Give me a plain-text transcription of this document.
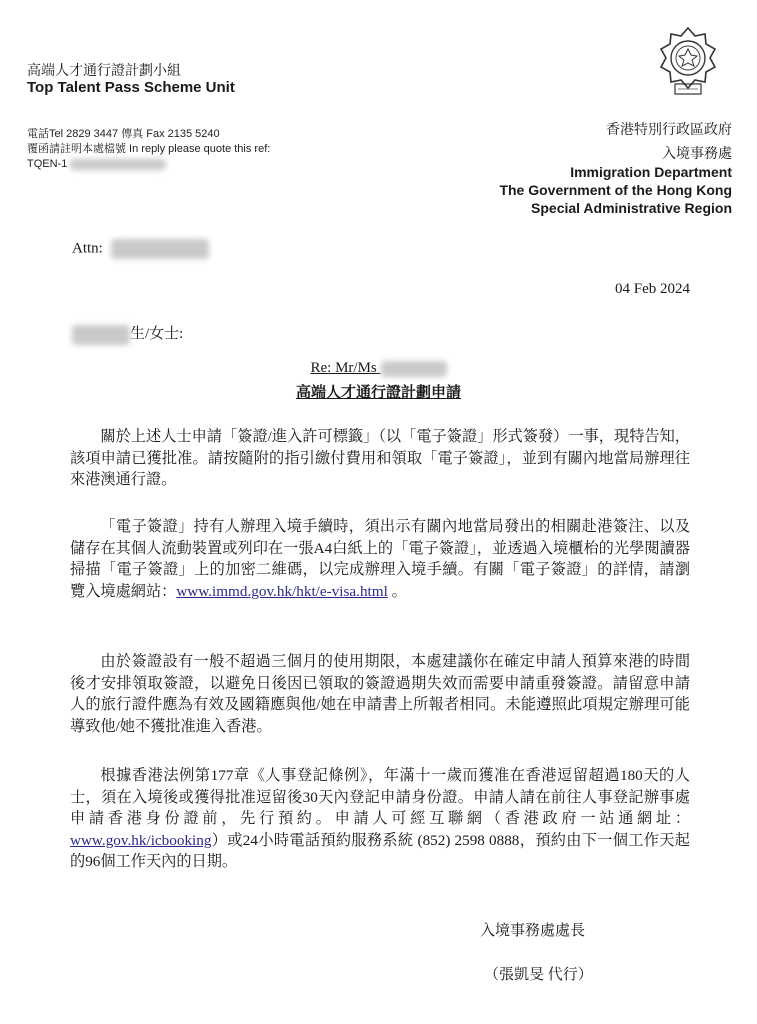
高端人才通行證計劃小組
Top Talent Pass Scheme Unit
電話Tel 2829 3447 傳真 Fax 2135 5240
覆函請註明本處檔號 In reply please quote this ref:
TQEN-1
香港特別行政區政府
入境事務處
Immigration Department
The Government of the Hong Kong
Special Administrative Region
Attn:
04 Feb 2024
生/女士:
Re: Mr/Ms
高端人才通行證計劃申請

關於上述人士申請「簽證/進入許可標籤」（以「電子簽證」形式簽發）一事，現特告知，該項申請已獲批准。請按隨附的指引繳付費用和領取「電子簽證」，並到有關內地當局辦理往來港澳通行證。

「電子簽證」持有人辦理入境手續時，須出示有關內地當局發出的相關赴港簽注、以及儲存在其個人流動裝置或列印在一張A4白紙上的「電子簽證」，並透過入境櫃枱的光學閱讀器掃描「電子簽證」上的加密二維碼，以完成辦理入境手續。有關「電子簽證」的詳情，請瀏覽入境處網站：www.immd.gov.hk/hkt/e-visa.html 。

由於簽證設有一般不超過三個月的使用期限，本處建議你在確定申請人預算來港的時間後才安排領取簽證，以避免日後因已領取的簽證過期失效而需要申請重發簽證。請留意申請人的旅行證件應為有效及國籍應與他/她在申請書上所報者相同。未能遵照此項規定辦理可能導致他/她不獲批准進入香港。

根據香港法例第177章《人事登記條例》，年滿十一歲而獲准在香港逗留超過180天的人士，須在入境後或獲得批准逗留後30天內登記申請身份證。申請人請在前往人事登記辦事處申請香港身份證前，先行預約。申請人可經互聯網（香港政府一站通網址：www.gov.hk/icbooking）或24小時電話預約服務系統 (852) 2598 0888，預約由下一個工作天起的96個工作天內的日期。

入境事務處處長
（張凱旻 代行）
